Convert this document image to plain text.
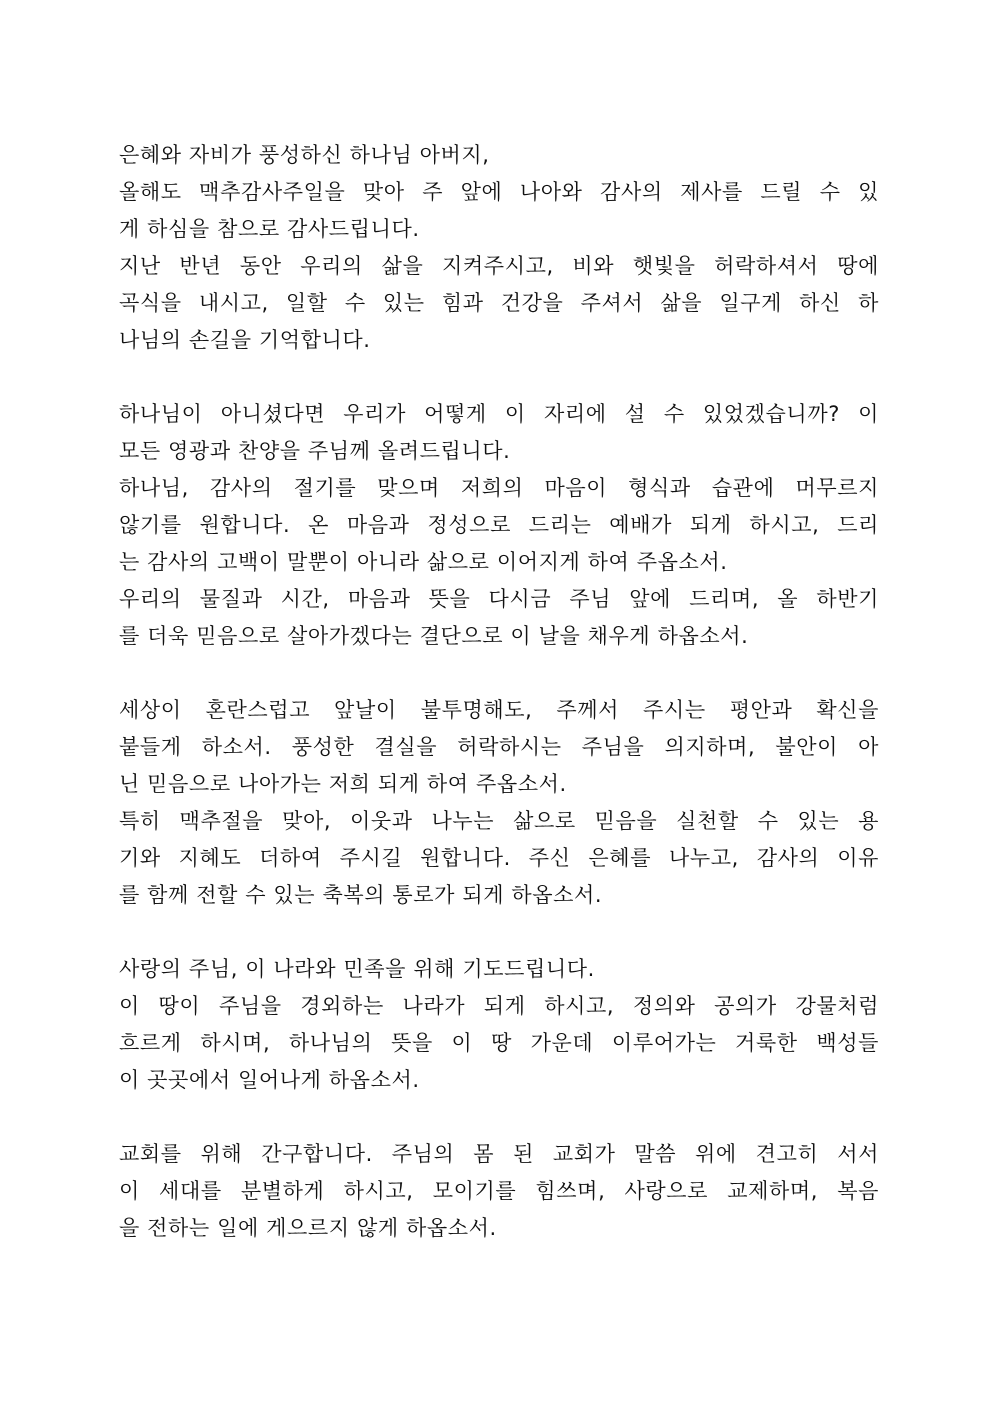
은혜와 자비가 풍성하신 하나님 아버지,
올해도 맥추감사주일을 맞아 주 앞에 나아와 감사의 제사를 드릴 수 있
게 하심을 참으로 감사드립니다.
지난 반년 동안 우리의 삶을 지켜주시고, 비와 햇빛을 허락하셔서 땅에
곡식을 내시고, 일할 수 있는 힘과 건강을 주셔서 삶을 일구게 하신 하
나님의 손길을 기억합니다.
하나님이 아니셨다면 우리가 어떻게 이 자리에 설 수 있었겠습니까? 이
모든 영광과 찬양을 주님께 올려드립니다.
하나님, 감사의 절기를 맞으며 저희의 마음이 형식과 습관에 머무르지
않기를 원합니다. 온 마음과 정성으로 드리는 예배가 되게 하시고, 드리
는 감사의 고백이 말뿐이 아니라 삶으로 이어지게 하여 주옵소서.
우리의 물질과 시간, 마음과 뜻을 다시금 주님 앞에 드리며, 올 하반기
를 더욱 믿음으로 살아가겠다는 결단으로 이 날을 채우게 하옵소서.
세상이 혼란스럽고 앞날이 불투명해도, 주께서 주시는 평안과 확신을
붙들게 하소서. 풍성한 결실을 허락하시는 주님을 의지하며, 불안이 아
닌 믿음으로 나아가는 저희 되게 하여 주옵소서.
특히 맥추절을 맞아, 이웃과 나누는 삶으로 믿음을 실천할 수 있는 용
기와 지혜도 더하여 주시길 원합니다. 주신 은혜를 나누고, 감사의 이유
를 함께 전할 수 있는 축복의 통로가 되게 하옵소서.
사랑의 주님, 이 나라와 민족을 위해 기도드립니다.
이 땅이 주님을 경외하는 나라가 되게 하시고, 정의와 공의가 강물처럼
흐르게 하시며, 하나님의 뜻을 이 땅 가운데 이루어가는 거룩한 백성들
이 곳곳에서 일어나게 하옵소서.
교회를 위해 간구합니다. 주님의 몸 된 교회가 말씀 위에 견고히 서서
이 세대를 분별하게 하시고, 모이기를 힘쓰며, 사랑으로 교제하며, 복음
을 전하는 일에 게으르지 않게 하옵소서.
